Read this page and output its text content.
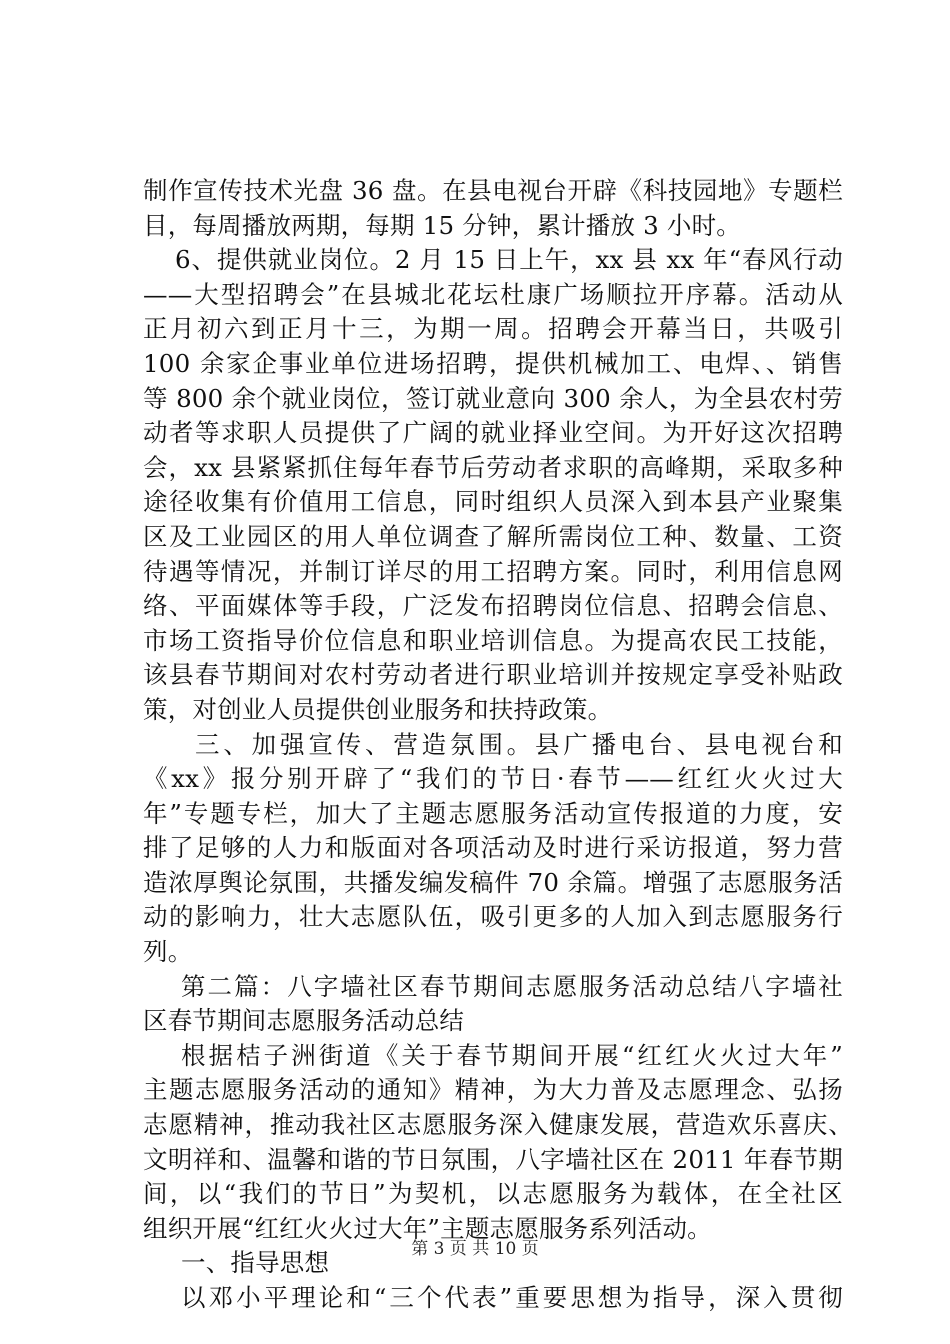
制作宣传技术光盘 36 盘。在县电视台开辟《科技园地》专题栏
目，每周播放两期，每期 15 分钟，累计播放 3 小时。
6、提供就业岗位。2 月 15 日上午，xx 县 xx 年“春风行动
——大型招聘会”在县城北花坛杜康广场顺拉开序幕。活动从
正月初六到正月十三，为期一周。招聘会开幕当日，共吸引
100 余家企事业单位进场招聘，提供机械加工、电焊、、销售
等 800 余个就业岗位，签订就业意向 300 余人，为全县农村劳
动者等求职人员提供了广阔的就业择业空间。为开好这次招聘
会，xx 县紧紧抓住每年春节后劳动者求职的高峰期，采取多种
途径收集有价值用工信息，同时组织人员深入到本县产业聚集
区及工业园区的用人单位调查了解所需岗位工种、数量、工资
待遇等情况，并制订详尽的用工招聘方案。同时，利用信息网
络、平面媒体等手段，广泛发布招聘岗位信息、招聘会信息、
市场工资指导价位信息和职业培训信息。为提高农民工技能，
该县春节期间对农村劳动者进行职业培训并按规定享受补贴政
策，对创业人员提供创业服务和扶持政策。
三、加强宣传、营造氛围。县广播电台、县电视台和
《xx》报分别开辟了“我们的节日·春节——红红火火过大
年”专题专栏，加大了主题志愿服务活动宣传报道的力度，安
排了足够的人力和版面对各项活动及时进行采访报道，努力营
造浓厚舆论氛围，共播发编发稿件 70 余篇。增强了志愿服务活
动的影响力，壮大志愿队伍，吸引更多的人加入到志愿服务行
列。
第二篇：八字墙社区春节期间志愿服务活动总结八字墙社
区春节期间志愿服务活动总结
根据桔子洲街道《关于春节期间开展“红红火火过大年”
主题志愿服务活动的通知》精神，为大力普及志愿理念、弘扬
志愿精神，推动我社区志愿服务深入健康发展，营造欢乐喜庆、
文明祥和、温馨和谐的节日氛围，八字墙社区在 2011 年春节期
间，以“我们的节日”为契机，以志愿服务为载体，在全社区
组织开展“红红火火过大年”主题志愿服务系列活动。
一、指导思想
以邓小平理论和“三个代表”重要思想为指导，深入贯彻
第 3 页 共 10 页
